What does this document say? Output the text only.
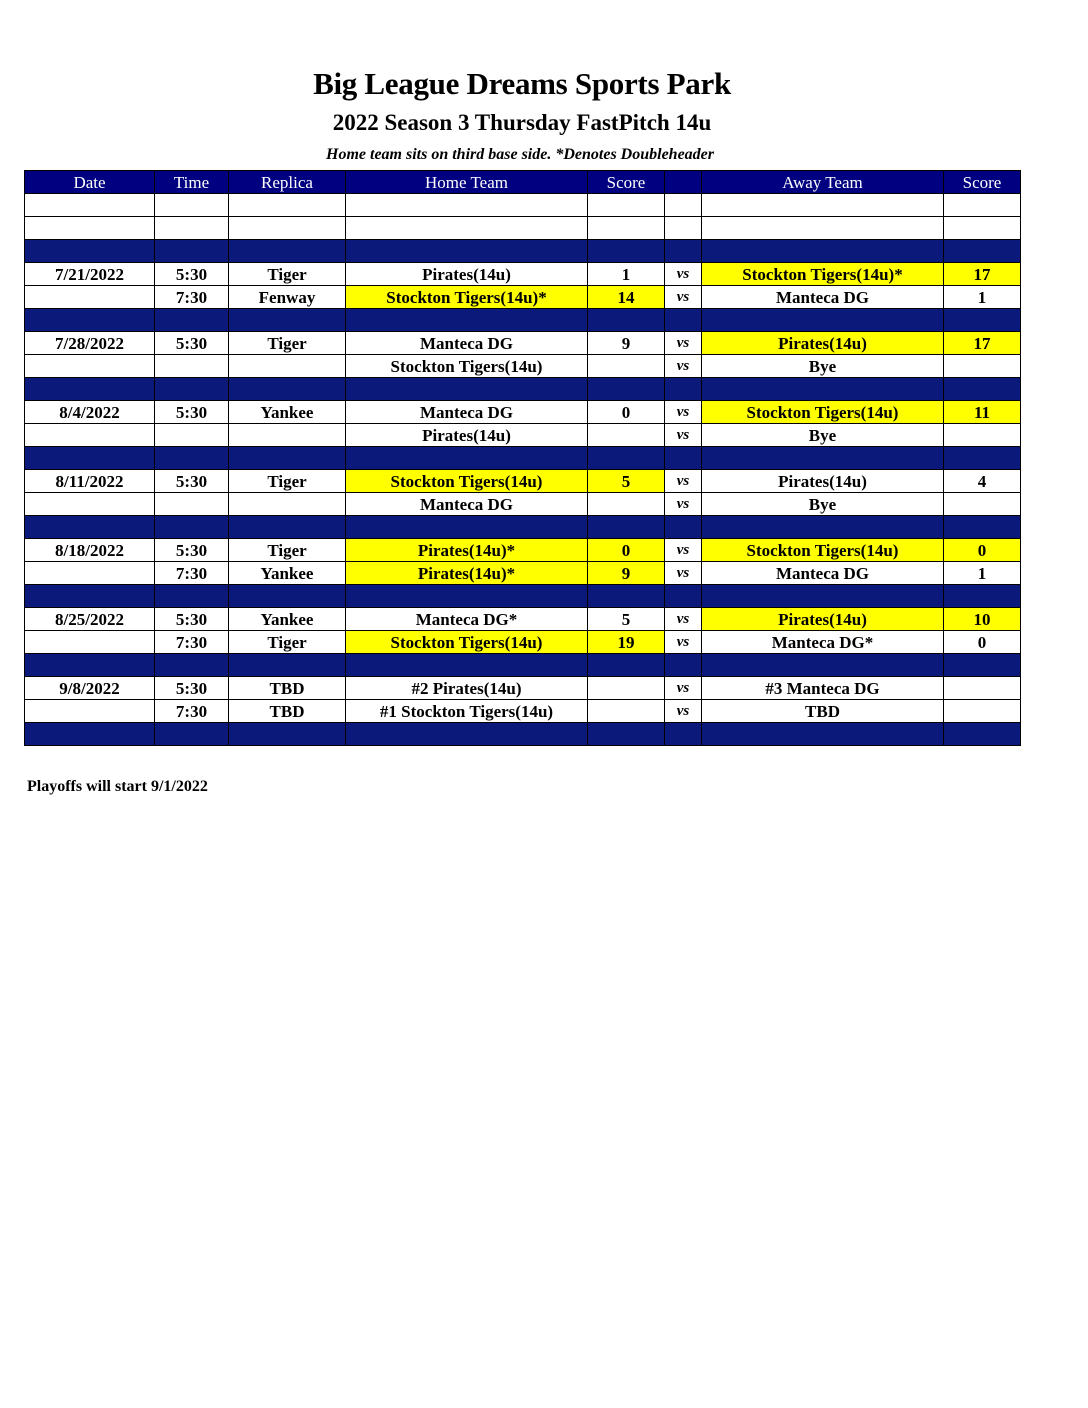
Big League Dreams Sports Park
2022 Season 3 Thursday FastPitch 14u
Home team sits on third base side. *Denotes Doubleheader
Date	Time	Replica	Home Team	Score		Away Team	Score

7/21/2022	5:30	Tiger	Pirates(14u)	1	vs	Stockton Tigers(14u)*	17
	7:30	Fenway	Stockton Tigers(14u)*	14	vs	Manteca DG	1

7/28/2022	5:30	Tiger	Manteca DG	9	vs	Pirates(14u)	17
			Stockton Tigers(14u)		vs	Bye	

8/4/2022	5:30	Yankee	Manteca DG	0	vs	Stockton Tigers(14u)	11
			Pirates(14u)		vs	Bye	

8/11/2022	5:30	Tiger	Stockton Tigers(14u)	5	vs	Pirates(14u)	4
			Manteca DG		vs	Bye	

8/18/2022	5:30	Tiger	Pirates(14u)*	0	vs	Stockton Tigers(14u)	0
	7:30	Yankee	Pirates(14u)*	9	vs	Manteca DG	1

8/25/2022	5:30	Yankee	Manteca DG*	5	vs	Pirates(14u)	10
	7:30	Tiger	Stockton Tigers(14u)	19	vs	Manteca DG*	0

9/8/2022	5:30	TBD	#2 Pirates(14u)		vs	#3 Manteca DG	
	7:30	TBD	#1 Stockton Tigers(14u)		vs	TBD	

Playoffs will start 9/1/2022
